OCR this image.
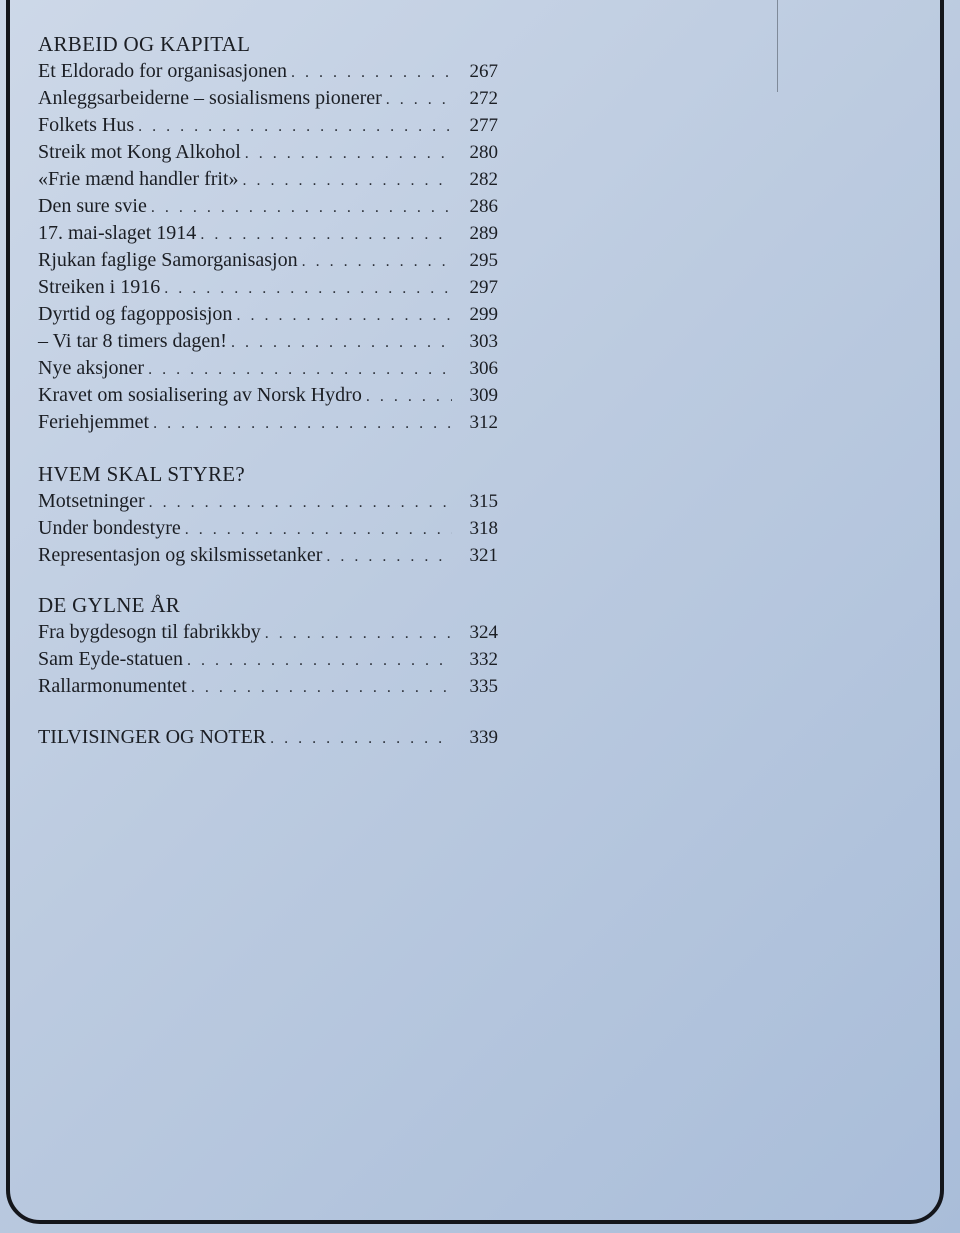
ARBEID OG KAPITAL
Et Eldorado for organisasjonen . . .	267
Anleggsarbeiderne – sosialismens pionerer . . .	272
Folkets Hus . . .	277
Streik mot Kong Alkohol . . .	280
«Frie mænd handler frit» . . .	282
Den sure svie . . .	286
17. mai-slaget 1914 . . .	289
Rjukan faglige Samorganisasjon . . .	295
Streiken i 1916 . . .	297
Dyrtid og fagopposisjon . . .	299
– Vi tar 8 timers dagen! . . .	303
Nye aksjoner . . .	306
Kravet om sosialisering av Norsk Hydro . . .	309
Feriehjemmet . . .	312
HVEM SKAL STYRE?
Motsetninger . . .	315
Under bondestyre . . .	318
Representasjon og skilsmissetanker . . .	321
DE GYLNE ÅR
Fra bygdesogn til fabrikkby . . .	324
Sam Eyde-statuen . . .	332
Rallarmonumentet . . .	335
TILVISINGER OG NOTER . . .	339
